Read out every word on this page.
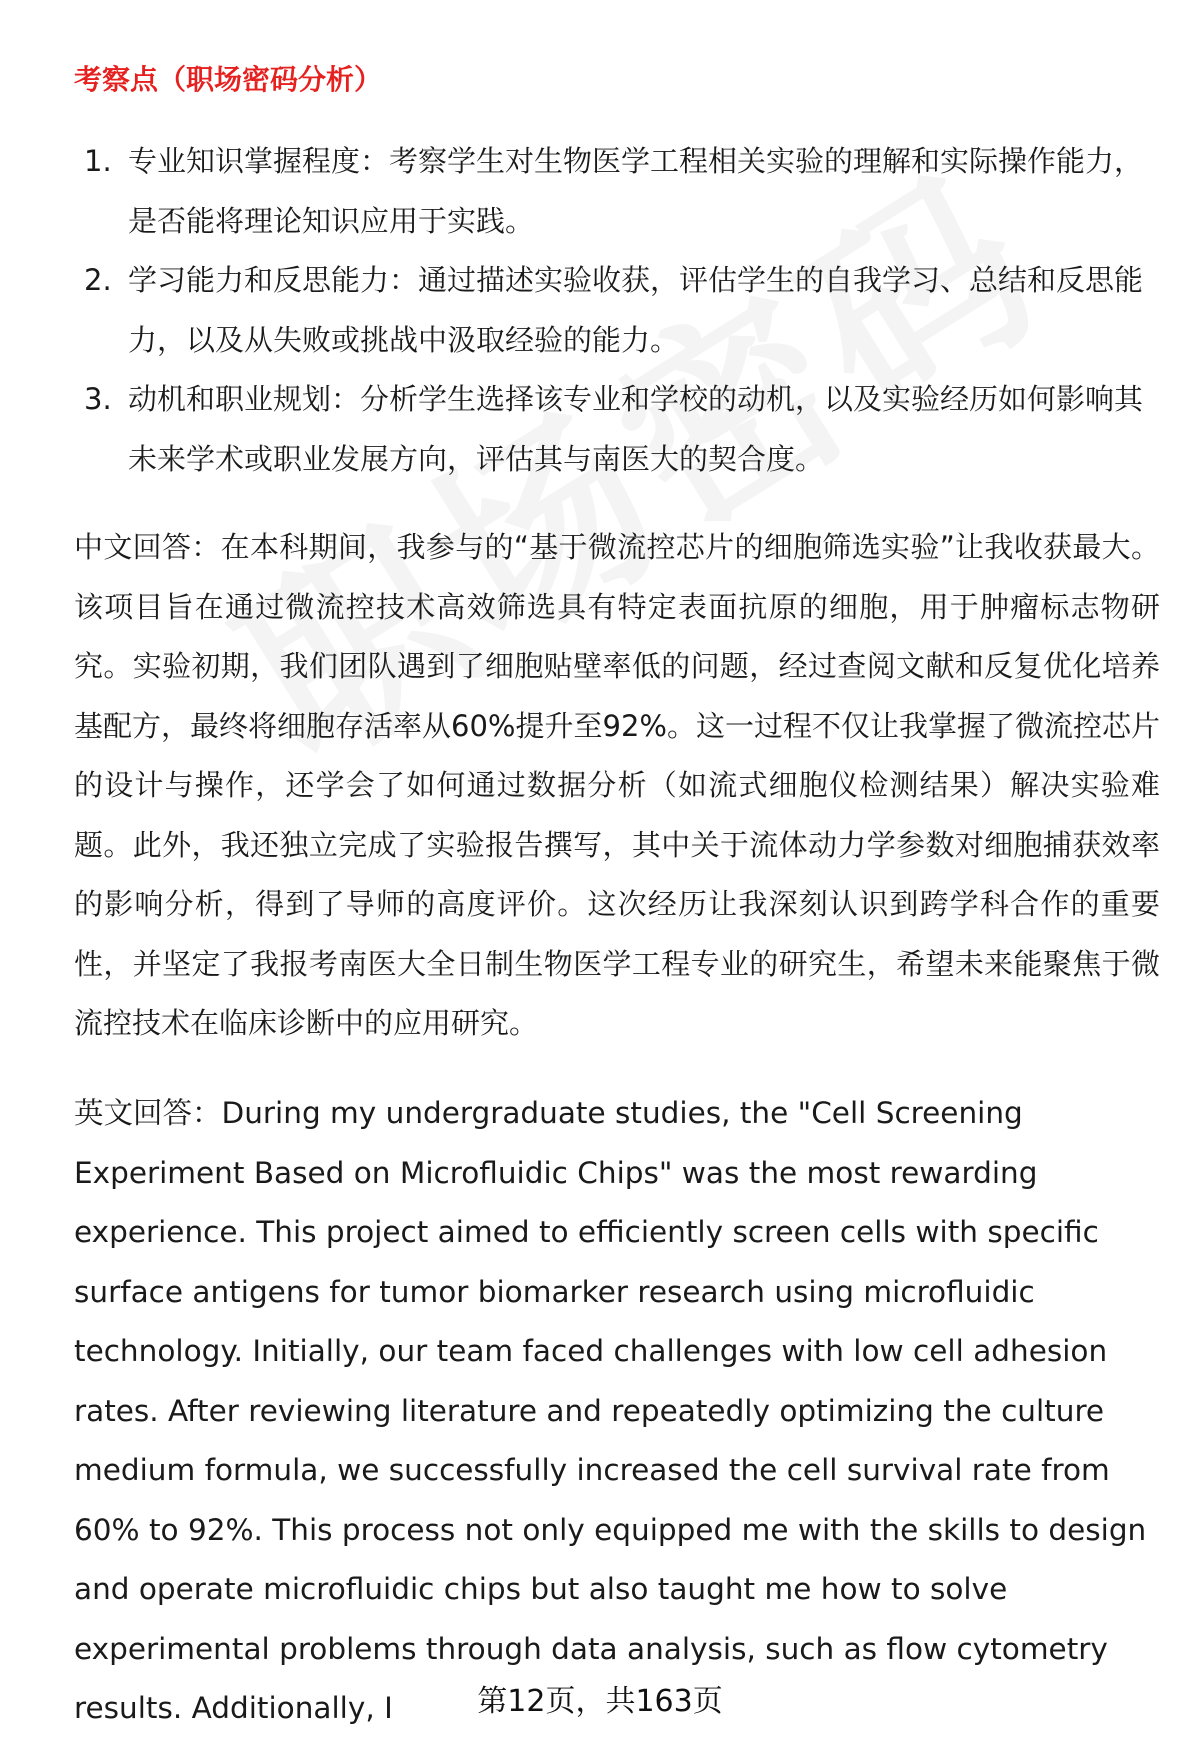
考察点（职场密码分析）
1. 专业知识掌握程度：考察学生对生物医学工程相关实验的理解和实际操作能力，是否能将理论知识应用于实践。
2. 学习能力和反思能力：通过描述实验收获，评估学生的自我学习、总结和反思能力，以及从失败或挑战中汲取经验的能力。
3. 动机和职业规划：分析学生选择该专业和学校的动机，以及实验经历如何影响其未来学术或职业发展方向，评估其与南医大的契合度。

中文回答：在本科期间，我参与的“基于微流控芯片的细胞筛选实验”让我收获最大。该项目旨在通过微流控技术高效筛选具有特定表面抗原的细胞，用于肿瘤标志物研究。实验初期，我们团队遇到了细胞贴壁率低的问题，经过查阅文献和反复优化培养基配方，最终将细胞存活率从60%提升至92%。这一过程不仅让我掌握了微流控芯片的设计与操作，还学会了如何通过数据分析（如流式细胞仪检测结果）解决实验难题。此外，我还独立完成了实验报告撰写，其中关于流体动力学参数对细胞捕获效率的影响分析，得到了导师的高度评价。这次经历让我深刻认识到跨学科合作的重要性，并坚定了我报考南医大全日制生物医学工程专业的研究生，希望未来能聚焦于微流控技术在临床诊断中的应用研究。

英文回答：During my undergraduate studies, the "Cell Screening Experiment Based on Microfluidic Chips" was the most rewarding experience. This project aimed to efficiently screen cells with specific surface antigens for tumor biomarker research using microfluidic technology. Initially, our team faced challenges with low cell adhesion rates. After reviewing literature and repeatedly optimizing the culture medium formula, we successfully increased the cell survival rate from 60% to 92%. This process not only equipped me with the skills to design and operate microfluidic chips but also taught me how to solve experimental problems through data analysis, such as flow cytometry results. Additionally, I	第12页，共163页
